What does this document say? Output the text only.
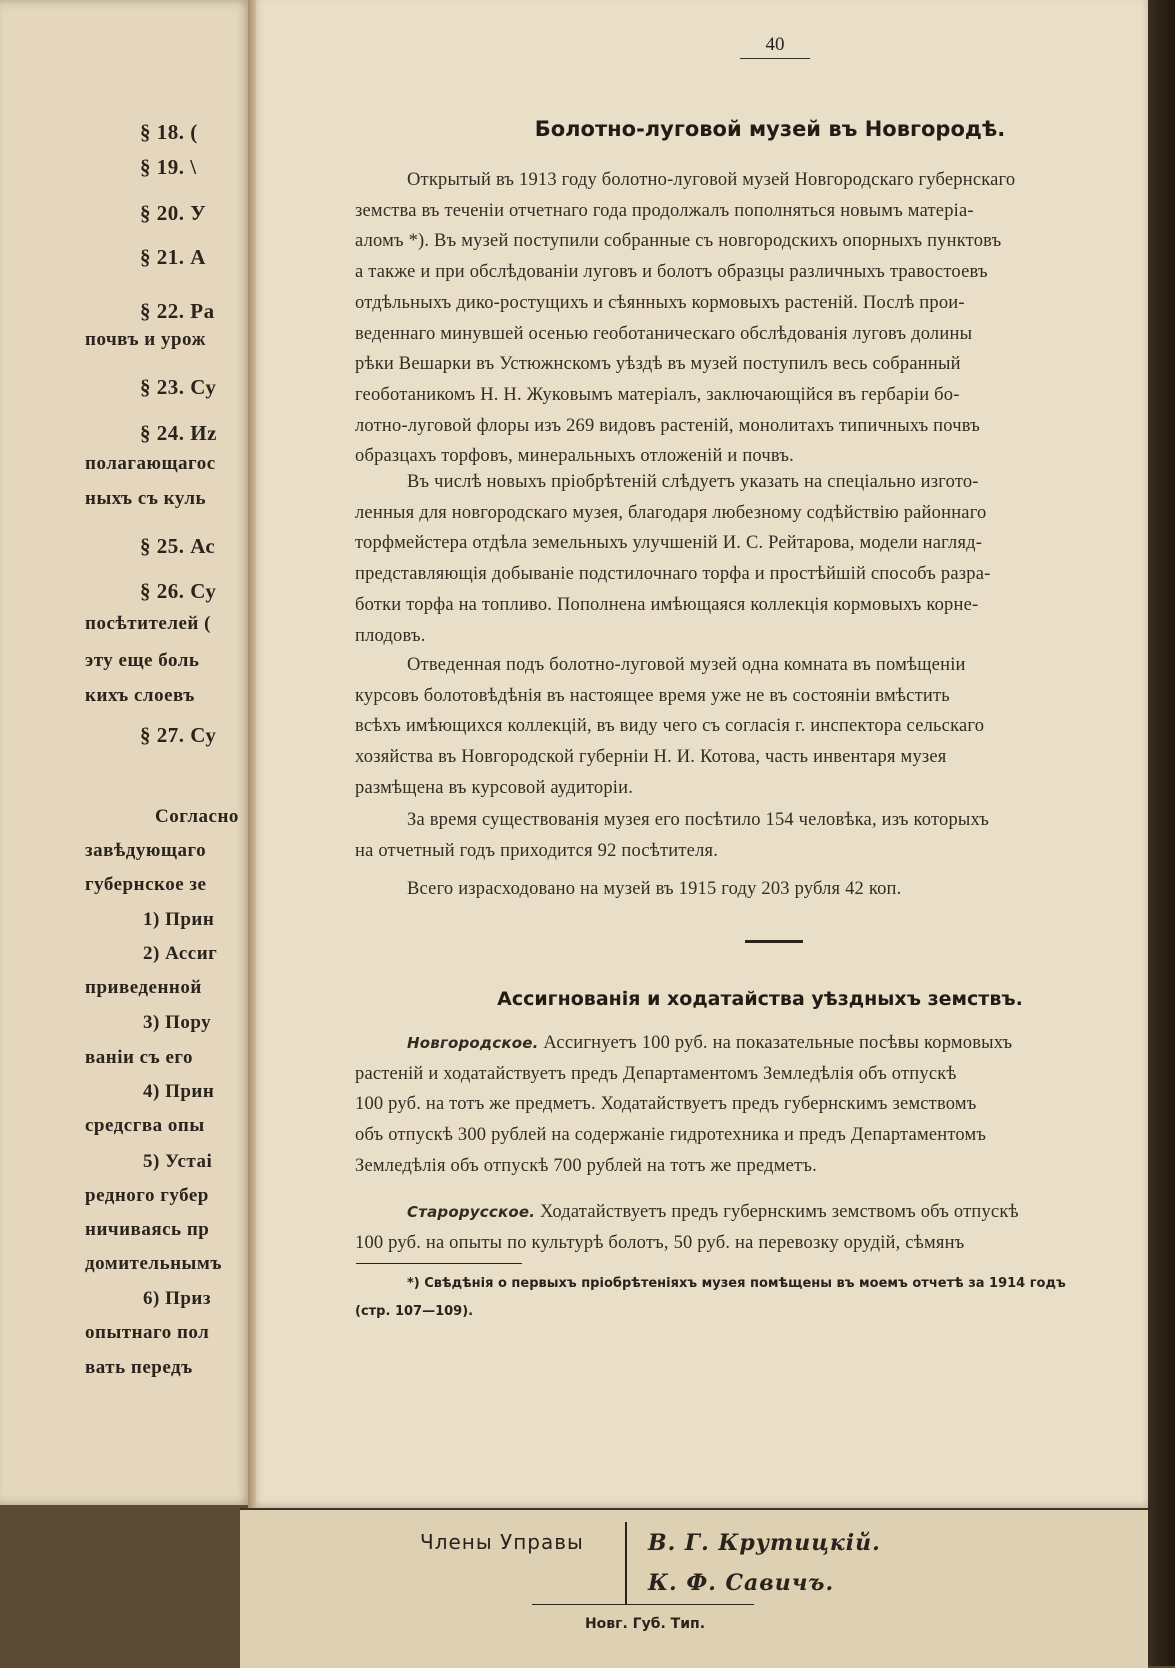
§ 18. (
§ 19. \
§ 20. У
§ 21. А
§ 22. Ра
почвъ и урож
§ 23. Су
§ 24. Иz
полагающагос
ныхъ съ куль
§ 25. Ас
§ 26. Су
посѣтителей (
эту еще боль
кихъ слоевъ
§ 27. Су
Согласно
завѣдующаго
губернское зе
1) Прин
2) Ассиг
приведенной
3) Пору
ваніи съ его
4) Прин
средсгва опы
5) Устаі
редного губер
ничиваясь пр
домительнымъ
6) Приз
опытнаго пол
вать передъ
40
Болотно-луговой музей въ Новгородѣ.
Открытый въ 1913 году болотно-луговой музей Новгородскаго губернскаго
земства въ теченіи отчетнаго года продолжалъ пополняться новымъ матеріа-
аломъ *). Въ музей поступили собранные съ новгородскихъ опорныхъ пунктовъ
а также и при обслѣдованіи луговъ и болотъ образцы различныхъ травостоевъ
отдѣльныхъ дико-ростущихъ и сѣянныхъ кормовыхъ растеній. Послѣ прои-
веденнаго минувшей осенью геоботаническаго обслѣдованія луговъ долины
рѣки Вешарки въ Устюжнскомъ уѣздѣ въ музей поступилъ весь собранный
геоботаникомъ Н. Н. Жуковымъ матеріалъ, заключающійся въ гербаріи бо-
лотно-луговой флоры изъ 269 видовъ растеній, монолитахъ типичныхъ почвъ
образцахъ торфовъ, минеральныхъ отложеній и почвъ.
Въ числѣ новыхъ пріобрѣтеній слѣдуетъ указать на спеціально изгото-
ленныя для новгородскаго музея, благодаря любезному содѣйствію районнаго
торфмейстера отдѣла земельныхъ улучшеній И. С. Рейтарова, модели нагляд-
представляющія добываніе подстилочнаго торфа и простѣйшій способъ разра-
ботки торфа на топливо. Пополнена имѣющаяся коллекція кормовыхъ корне-
плодовъ.
Отведенная подъ болотно-луговой музей одна комната въ помѣщеніи
курсовъ болотовѣдѣнія въ настоящее время уже не въ состояніи вмѣстить
всѣхъ имѣющихся коллекцій, въ виду чего съ согласія г. инспектора сельскаго
хозяйства въ Новгородской губерніи Н. И. Котова, часть инвентаря музея
размѣщена въ курсовой аудиторіи.
За время существованія музея его посѣтило 154 человѣка, изъ которыхъ
на отчетный годъ приходится 92 посѣтителя.
Всего израсходовано на музей въ 1915 году 203 рубля 42 коп.
Ассигнованія и ходатайства уѣздныхъ земствъ.
Новгородское. Ассигнуетъ 100 руб. на показательные посѣвы кормовыхъ
растеній и ходатайствуетъ предъ Департаментомъ Земледѣлія объ отпускѣ
100 руб. на тотъ же предметъ. Ходатайствуетъ предъ губернскимъ земствомъ
объ отпускѣ 300 рублей на содержаніе гидротехника и предъ Департаментомъ
Земледѣлія объ отпускѣ 700 рублей на тотъ же предметъ.
Старорусское. Ходатайствуетъ предъ губернскимъ земствомъ объ отпускѣ
100 руб. на опыты по культурѣ болотъ, 50 руб. на перевозку орудій, сѣмянъ
*) Свѣдѣнія о первыхъ пріобрѣтеніяхъ музея помѣщены въ моемъ отчетѣ за 1914 годъ
(стр. 107—109).
Члены Управы	В. Г. Крутицкій.
К. Ф. Савичъ.
Новг. Губ. Тип.
